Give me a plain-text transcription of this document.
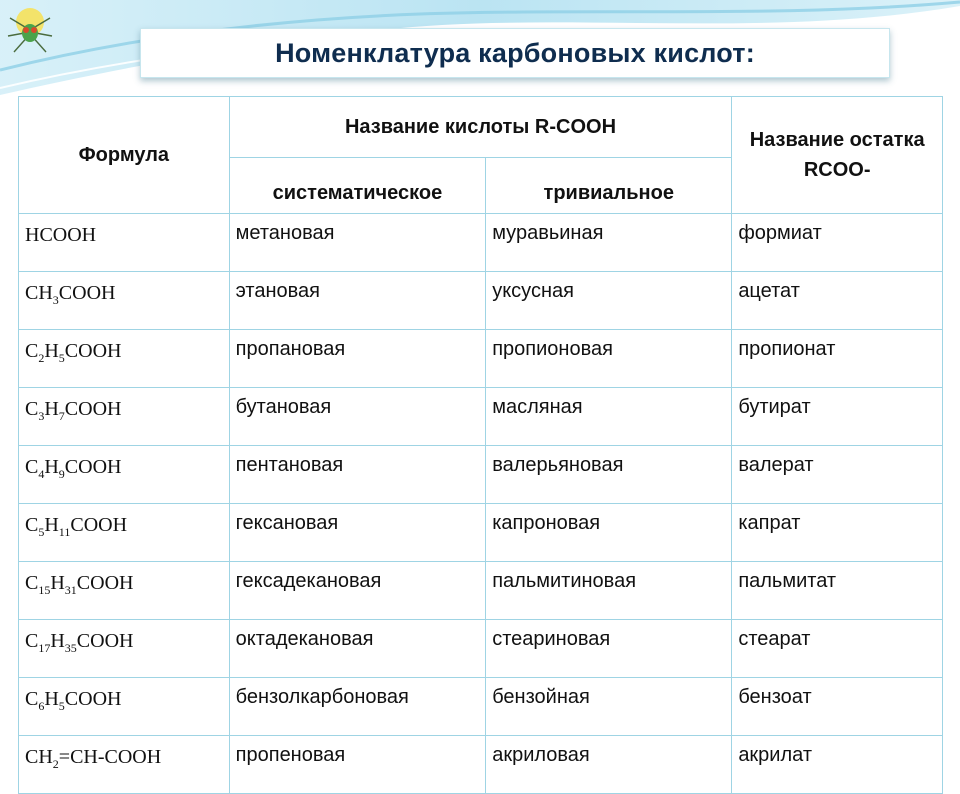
Номенклатура карбоновых кислот:
Формула	Название кислоты R-COOH		Название остатка
RCOO-

	систематическое	тривиальное	
HCOOH	метановая	муравьиная	формиат
$CH_3COOH$	этановая	уксусная	ацетат
$C_2H_5COOH$	пропановая	пропионовая	пропионат
$C_3H_7COOH$	бутановая	масляная	бутират
$C_4H_9COOH$	пентановая	валерьяновая	валерат
$C_5H_{11}COOH$	гексановая	капроновая	капрат
$C_{15}H_{31}COOH$	гексадекановая	пальмитиновая	пальмитат
$C_{17}H_{35}COOH$	октадекановая	стеариновая	стеарат
$C_6H_5COOH$	бензолкарбоновая	бензойная	бензоат
$CH_2=CH$-COOH	пропеновая	акриловая	акрилат
